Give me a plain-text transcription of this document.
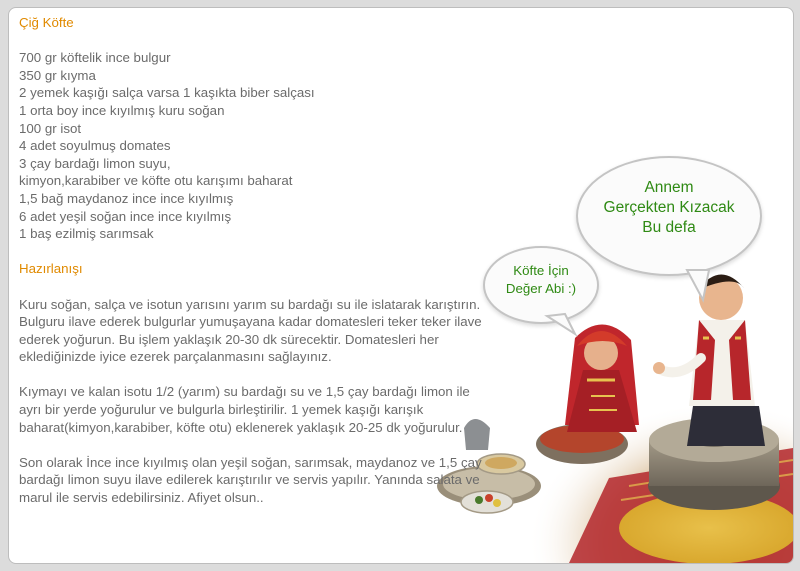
Çiğ Köfte
700 gr köftelik ince bulgur
350 gr kıyma
2 yemek kaşığı salça varsa 1 kaşıkta biber salçası
1 orta boy ince kıyılmış kuru soğan
100 gr isot
4 adet soyulmuş domates
3 çay bardağı limon suyu,
kimyon,karabiber ve köfte otu karışımı baharat
1,5 bağ maydanoz ince ince kıyılmış
6 adet yeşil soğan ince ince kıyılmış
1 baş ezilmiş sarımsak
Hazırlanışı
Kuru soğan, salça ve isotun yarısını yarım su bardağı su ile islatarak karıştırın. Bulguru ilave ederek bulgurlar yumuşayana kadar domatesleri teker teker ilave ederek yoğurun. Bu işlem yaklaşık 20-30 dk sürecektir. Domatesleri her eklediğinizde iyice ezerek parçalanmasını sağlayınız.
Kıymayı ve kalan isotu 1/2 (yarım) su bardağı su ve 1,5 çay bardağı limon ile ayrı bir yerde yoğurulur ve bulgurla birleştirilir. 1 yemek kaşığı karışık baharat(kimyon,karabiber, köfte otu) eklenerek yaklaşık 20-25 dk yoğurulur.
Son olarak İnce ince kıyılmış olan yeşil soğan, sarımsak, maydanoz ve 1,5 çay bardağı limon suyu ilave edilerek karıştırılır ve servis yapılır. Yanında salata ve marul ile servis edebilirsiniz. Afiyet olsun..
Annem
Gerçekten Kızacak
Bu defa
Köfte İçin
Değer Abi :)
